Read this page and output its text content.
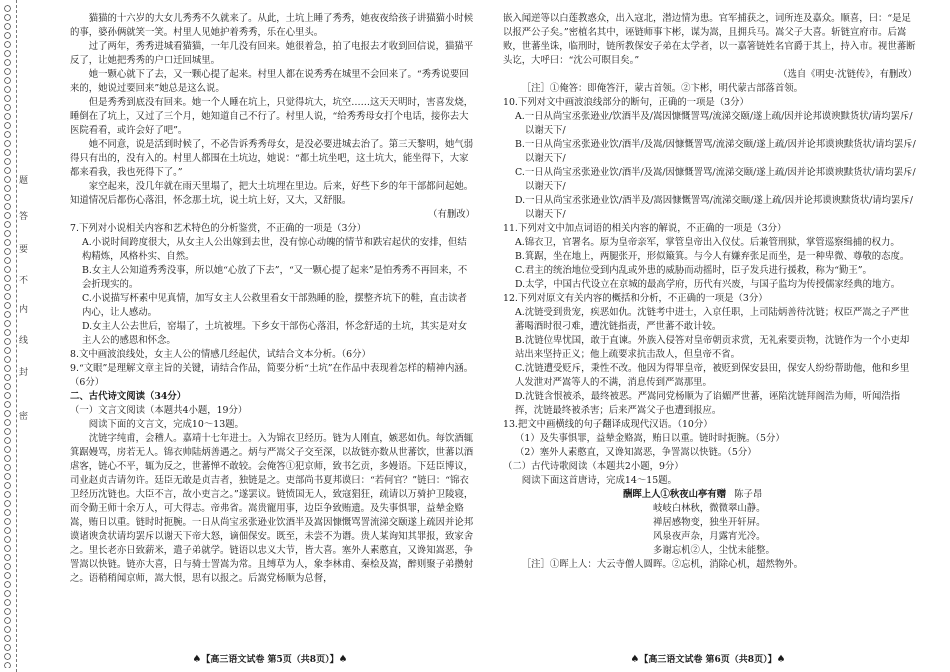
密
封
线
内
不
要
答
题
猫猫的十六岁的大女儿秀秀不久就来了。从此，土坑上睡了秀秀，她夜夜给孩子讲猫猫小时候的事，婆孙俩就笑一笑。村里人见她护着秀秀，乐在心里头。
过了两年，秀秀进城看猫猫，一年几没有回来。她很着急，拍了电报去才收到回信说，猫猫平反了，让她把秀秀的户口迁回城里。
她一颗心就下了去，又一颗心提了起来。村里人都在说秀秀在城里不会回来了。“秀秀说要回来的，她说过要回来”她总是这么说。
但是秀秀到底没有回来。她一个人睡在坑上，只觉得坑大，坑空……这天天明时，害喜发烧，睡倒在了坑上，又过了三个月，她知道自己不行了。村里人说，“给秀秀母女打个电话，接你去大医院看看，或许会好了吧”。
她不同意，说是活到时候了，不必告诉秀秀母女，是没必要进城去治了。第三天黎明，她气弱得只有出的，没有入的。村里人都围在土坑边，她说：“都土坑坐吧，这土坑大，能坐得下，大家都来看我，我也死得下了。”
家空起来，没几年就在雨天里塌了，把大土坑埋在里边。后来，好些下乡的年干部都问起她。知道情况后都伤心落泪，怀念那土坑，说土坑上好，又大，又舒服。
（有删改）
7.下列对小说相关内容和艺术特色的分析鉴赏，不正确的一项是（3分）
A.小说时间跨度很大，从女主人公出嫁到去世，没有惊心动魄的情节和跌宕起伏的安排，但结构精炼，风格朴实、自然。
B.女主人公知道秀秀没事，所以她“心放了下去”，“又一颗心提了起来”是怕秀秀不再回来，不会折现实的。
C.小说描写杯素中见真情，加写女主人公救里看女干部熟睡的脸，摆整齐坑下的鞋，直击读者内心，让人感动。
D.女主人公去世后，窑塌了，土坑被埋。下乡女干部伤心落泪，怀念舒适的土坑，其实是对女主人公的感恩和怀念。
8.文中画波浪线处，女主人公的情感几经起伏，试结合文本分析。（6分）
9.“文眼”是理解文章主旨的关键，请结合作品，简要分析“土坑”在作品中表现着怎样的精神内涵。（6分）
二、古代诗文阅读（34分）
（一）文言文阅读（本题共4小题，19分）
阅读下面的文言文，完成10～13题。
沈链字纯甫，会稽人。嘉靖十七年进士。入为锦衣卫经历。链为人刚直，嫉恶如仇。每饮酒辄箕踞嫚骂，房若无人。锦衣帅陆炳善遇之。炳与严嵩父子交至深，以故链亦数从世蕃饮，世蕃以酒虐客，链心不平，辄为反之，世蕃惮不敢较。会俺答①犯京师，致书乞贡，多嫚语。下廷臣博议，司业赵贞吉请勿许。廷臣无敢是贞吉者，独链是之。吏部尚书夏邦谟曰：“若何官？”链曰：“锦衣卫经历沈链也。大臣不言，故小吏言之。”遂罢议。链愤国无人，致寇猖狂，疏请以万骑护卫陵寝，而令勤王师十余万人，可大得志。帝弗省。嵩贵寵用事，边臣争致贿遗。及失事惧罪，益辇金赂嵩，贿日以重。链时时扼腕。一日从尚宝丞张逊业饮酒半及嵩因慷慨骂詈流涕交颐遂上疏因并论邦谟诸谀贪状请均罢斥以谢天下帝大怒，谪佃保安。既至，未尝不为谮。贵人某询知其罪报，致家舍之。里长老亦日致薪米，遣子弟就学。链语以忠义大节，皆大喜。塞外人素憨直，又谗知嵩恶，争詈嵩以快链。链亦大喜，日与骑士詈嵩为常。且缚草为人，象李林甫、秦桧及嵩，醉则聚子弟攒射之。语稍稍闻京师，嵩大恨，思有以报之。后嵩党杨顺为总督，
♠【高三语文试卷 第5页（共8页）】♠
嵌入闻逆等以白莲教惑众，出入寇北，潜边情为患。官军捕获之，词所连及嘉众。顺喜，曰：“是足以报严公子矣。”密植名其中，诬链师事卞彬，谋为嵩，且拥兵马。嵩父子大喜。斩链宣府市。后嵩败，世蕃坐诛，临刑时，链所教保安子弟在太学者，以一嘉箸链姓名官爵于其上，持入市。视世蕃断头讫，大呼曰：“沈公可瞑目矣。”
（选自《明史·沈链传》，有删改）
［注］①俺答：即俺答汗，蒙古首领。②卞彬，明代蒙古部落首领。
10.下列对文中画波浪线部分的断句，正确的一项是（3分）
A.一日从尚宝丞张逊业/饮酒半及/嵩因慷慨詈骂/流涕交颐/遂上疏/因并论邦谟谀黩货状/请均罢斥/以谢天下/
B.一日从尚宝丞张逊业饮/酒半/及嵩/因慷慨詈骂/流涕交颐/遂上疏/因并论邦谟谀黩货状/请均罢斥/以谢天下/
C.一日从尚宝丞张逊业饮/酒半/及嵩/因慷慨詈骂/流涕交颐/遂上疏/因并论邦谟谀黩货状/请均罢斥/以谢天下/
D.一日从尚宝丞张逊业饮/酒半及/嵩因慷慨詈骂/流涕交颐/遂上疏/因并论邦谟谀黩货状/请均罢斥/以谢天下/
11.下列对文中加点词语的相关内容的解说，不正确的一项是（3分）
A.锦衣卫，官署名。原为皇帝亲军，掌管皇帝出入仪仗。后兼管刑狱，掌管巡察缉捕的权力。
B.箕踞，坐在地上，两腿张开，形似簸箕。与今人有嫌弃张足而坐，是一种卑微、尊敬的态度。
C.君主的统治地位受到内乱或外患的威胁而动摇时，臣子发兵进行援救，称为“勤王”。
D.太学，中国古代设立在京城的最高学府，历代有兴废，与国子监均为传授儒家经典的地方。
12.下列对原文有关内容的概括和分析，不正确的一项是（3分）
A.沈链受到贵宠，疾恶如仇。沈链考中进士，入京任职，上司陆炳善待沈链；权臣严嵩之子严世蕃喝酒时很刁难，遭沈链指责，严世蕃不敢计较。
B.沈链位卑忧国，敢于直谏。外族入侵答对皇帝朝贡求赏，无礼索要贡物，沈链作为一个小吏却站出来坚持正义；他上疏要求抗击敌人，但皇帝不省。
C.沈链遭受贬斥，秉性不改。他因为得罪皇帝，被贬到保安县田，保安人纷纷帮助他，他和乡里人发泄对严嵩等人的不满，消息传到严嵩那里。
D.沈链含恨被杀，最终被恶。严嵩同党杨顺为了谄媚严世蕃，诬陷沈链拜阁浩为师，听闻浩指挥，沈链最终被杀害；后来严嵩父子也遭到报应。
13.把文中画横线的句子翻译成现代汉语。（10分）
（1）及失事惧罪，益辇金赂嵩，贿日以重。链时时扼腕。（5分）
（2）塞外人素憨直，又谗知嵩恶，争詈嵩以快链。（5分）
（二）古代诗歌阅读（本题共2小题，9分）
阅读下面这首唐诗，完成14～15题。
酬晖上人①秋夜山亭有赠 陈子昂
岐岐白林秋，微微翠山静。
禅居感物变，独坐开轩屏。
风泉夜声杂，月露宵光冷。
多谢忘机②人，尘忧未能整。
［注］①晖上人：大云寺僧人圆晖。②忘机，消除心机，超然物外。
♠【高三语文试卷 第6页（共8页）】♠
